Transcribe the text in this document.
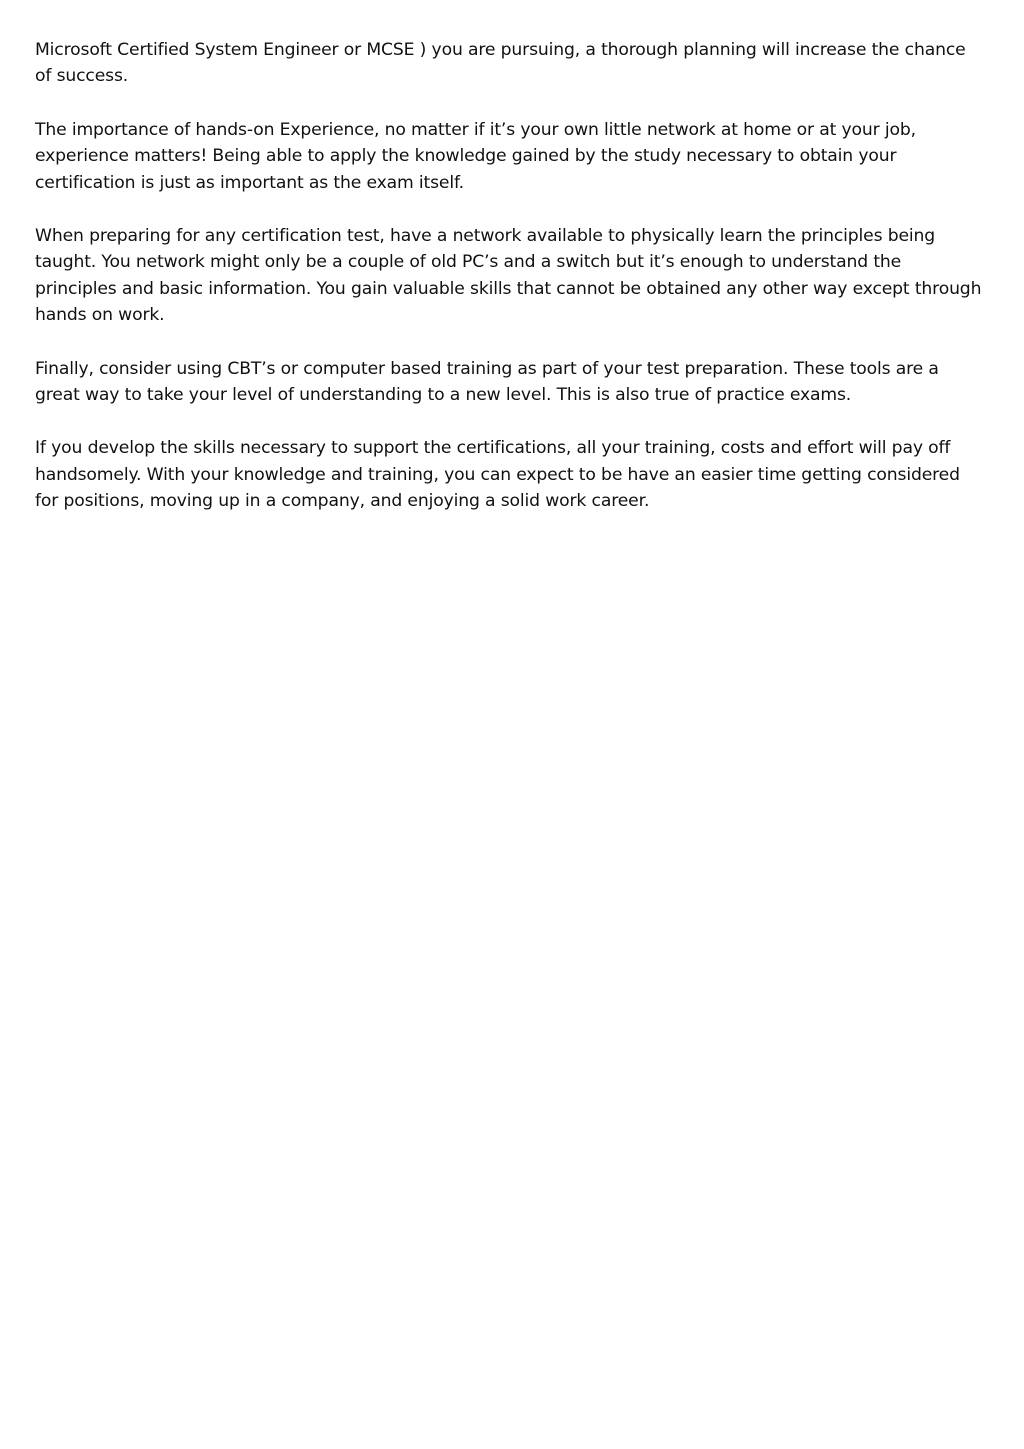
Microsoft Certified System Engineer or MCSE ) you are pursuing, a thorough planning will increase the chance of success.

The importance of hands-on Experience, no matter if it’s your own little network at home or at your job, experience matters! Being able to apply the knowledge gained by the study necessary to obtain your certification is just as important as the exam itself.

When preparing for any certification test, have a network available to physically learn the principles being taught. You network might only be a couple of old PC’s and a switch but it’s enough to understand the principles and basic information. You gain valuable skills that cannot be obtained any other way except through hands on work.

Finally, consider using CBT’s or computer based training as part of your test preparation. These tools are a great way to take your level of understanding to a new level. This is also true of practice exams.

If you develop the skills necessary to support the certifications, all your training, costs and effort will pay off handsomely. With your knowledge and training, you can expect to be have an easier time getting considered for positions, moving up in a company, and enjoying a solid work career.
